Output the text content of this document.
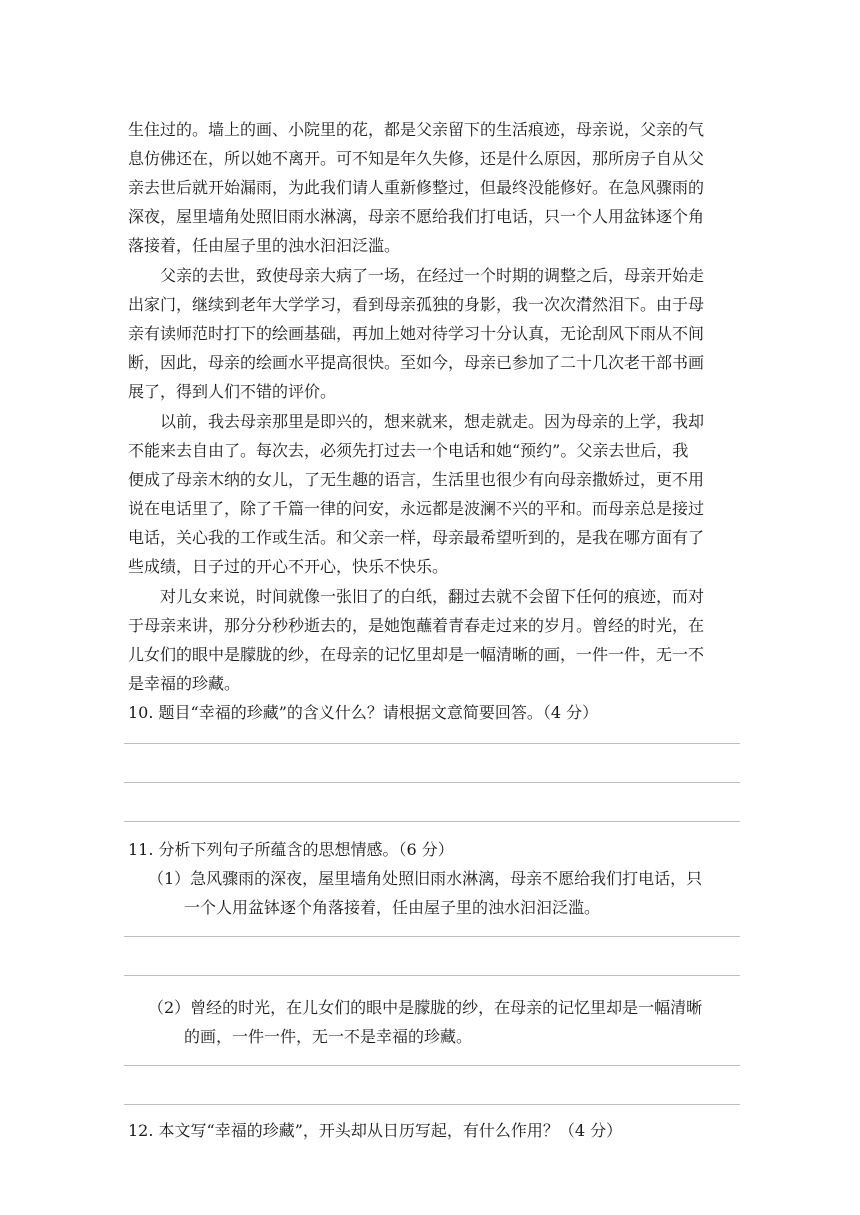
生住过的。墙上的画、小院里的花，都是父亲留下的生活痕迹，母亲说，父亲的气
息仿佛还在，所以她不离开。可不知是年久失修，还是什么原因，那所房子自从父
亲去世后就开始漏雨，为此我们请人重新修整过，但最终没能修好。在急风骤雨的
深夜，屋里墙角处照旧雨水淋漓，母亲不愿给我们打电话，只一个人用盆钵逐个角
落接着，任由屋子里的浊水汩汩泛滥。
父亲的去世，致使母亲大病了一场，在经过一个时期的调整之后，母亲开始走
出家门，继续到老年大学学习，看到母亲孤独的身影，我一次次潸然泪下。由于母
亲有读师范时打下的绘画基础，再加上她对待学习十分认真，无论刮风下雨从不间
断，因此，母亲的绘画水平提高很快。至如今，母亲已参加了二十几次老干部书画
展了，得到人们不错的评价。
以前，我去母亲那里是即兴的，想来就来，想走就走。因为母亲的上学，我却
不能来去自由了。每次去，必须先打过去一个电话和她“预约”。父亲去世后，我
便成了母亲木纳的女儿，了无生趣的语言，生活里也很少有向母亲撒娇过，更不用
说在电话里了，除了千篇一律的问安，永远都是波澜不兴的平和。而母亲总是接过
电话，关心我的工作或生活。和父亲一样，母亲最希望听到的，是我在哪方面有了
些成绩，日子过的开心不开心，快乐不快乐。
对儿女来说，时间就像一张旧了的白纸，翻过去就不会留下任何的痕迹，而对
于母亲来讲，那分分秒秒逝去的，是她饱蘸着青春走过来的岁月。曾经的时光，在
儿女们的眼中是朦胧的纱，在母亲的记忆里却是一幅清晰的画，一件一件，无一不
是幸福的珍藏。
10. 题目“幸福的珍藏”的含义什么？请根据文意简要回答。（4 分）
11. 分析下列句子所蕴含的思想情感。（6 分）
（1）急风骤雨的深夜，屋里墙角处照旧雨水淋漓，母亲不愿给我们打电话，只
一个人用盆钵逐个角落接着，任由屋子里的浊水汩汩泛滥。
（2）曾经的时光，在儿女们的眼中是朦胧的纱，在母亲的记忆里却是一幅清晰
的画，一件一件，无一不是幸福的珍藏。
12. 本文写“幸福的珍藏”，开头却从日历写起，有什么作用？（4 分）
